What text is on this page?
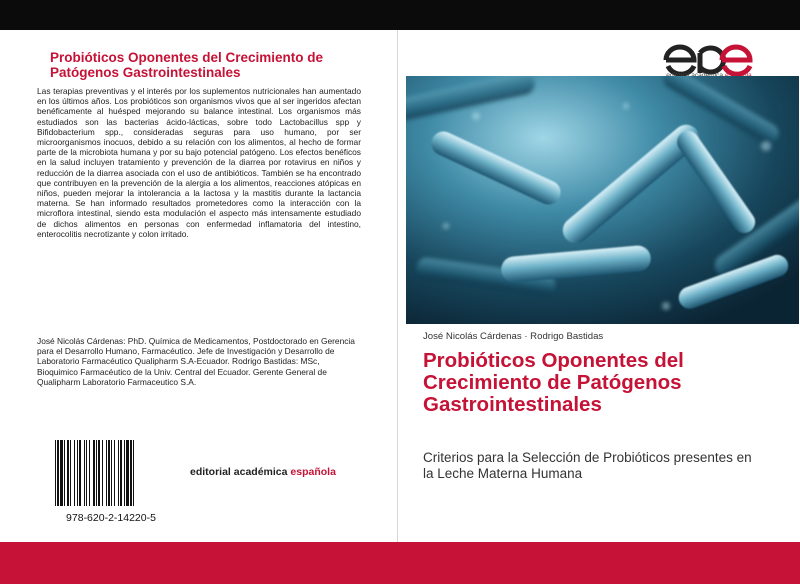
Probióticos Oponentes del Crecimiento de Patógenos Gastrointestinales
Las terapias preventivas y el interés por los suplementos nutricionales han aumentado en los últimos años. Los probióticos son organismos vivos que al ser ingeridos afectan benéficamente al huésped mejorando su balance intestinal. Los organismos más estudiados son las bacterias ácido-lácticas, sobre todo Lactobacillus spp y Bifidobacterium spp., consideradas seguras para uso humano, por ser microorganismos inocuos, debido a su relación con los alimentos, al hecho de formar parte de la microbiota humana y por su bajo potencial patógeno. Los efectos benéficos en la salud incluyen tratamiento y prevención de la diarrea por rotavirus en niños y reducción de la diarrea asociada con el uso de antibióticos. También se ha encontrado que contribuyen en la prevención de la alergia a los alimentos, reacciones atópicas en niños, pueden mejorar la intolerancia a la lactosa y la mastitis durante la lactancia materna. Se han informado resultados prometedores como la interacción con la microflora intestinal, siendo esta modulación el aspecto más intensamente estudiado de dichos alimentos en personas con enfermedad inflamatoria del intestino, enterocolitis necrotizante y colon irritado.
José Nicolás Cárdenas: PhD. Química de Medicamentos, Postdoctorado en Gerencia para el Desarrollo Humano, Farmacéutico. Jefe de Investigación y Desarrollo de Laboratorio Farmacéutico Qualipharm S.A-Ecuador. Rodrigo Bastidas: MSc, Bioquimico Farmacéutico de la Univ. Central del Ecuador. Gerente General de Qualipharm Laboratorio Farmaceutico S.A.
978-620-2-14220-5
editorial académica española
José Nicolás Cárdenas · Rodrigo Bastidas
Probióticos Oponentes del Crecimiento de Patógenos Gastrointestinales
Criterios para la Selección de Probióticos presentes en la Leche Materna Humana
